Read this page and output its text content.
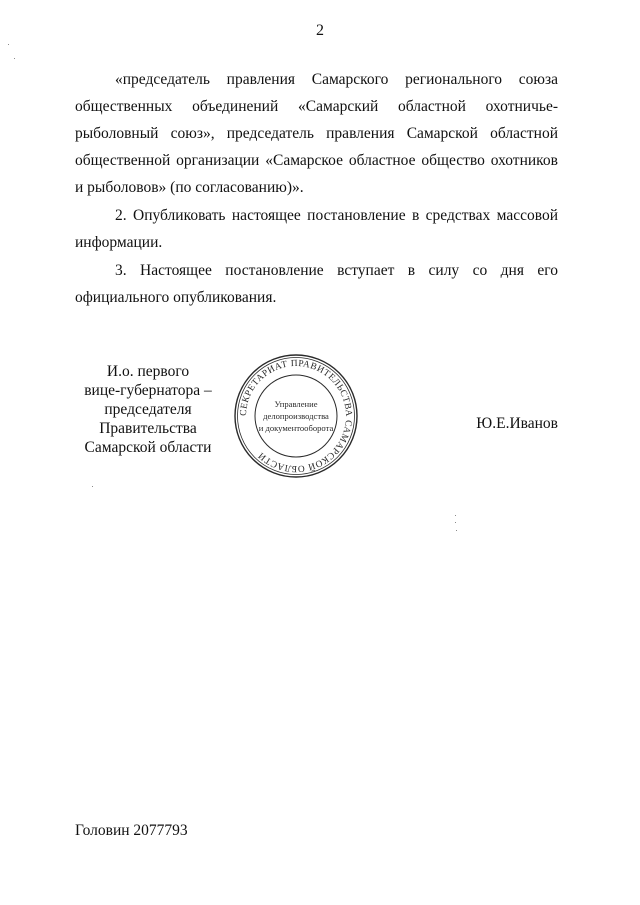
2

«председатель правления Самарского регионального союза общественных объединений «Самарский областной охотничье-рыболовный союз», председатель правления Самарской областной общественной организации «Самарское областное общество охотников и рыболовов» (по согласованию)».

2. Опубликовать настоящее постановление в средствах массовой информации.

3. Настоящее постановление вступает в силу со дня его официального опубликования.

И.о. первого
вице-губернатора –
председателя Правительства
Самарской области
Ю.Е.Иванов
СЕКРЕТАРИАТ ПРАВИТЕЛЬСТВА САМАРСКОЙ ОБЛАСТИ
Управление
делопроизводства
и документооборота
Головин 2077793
